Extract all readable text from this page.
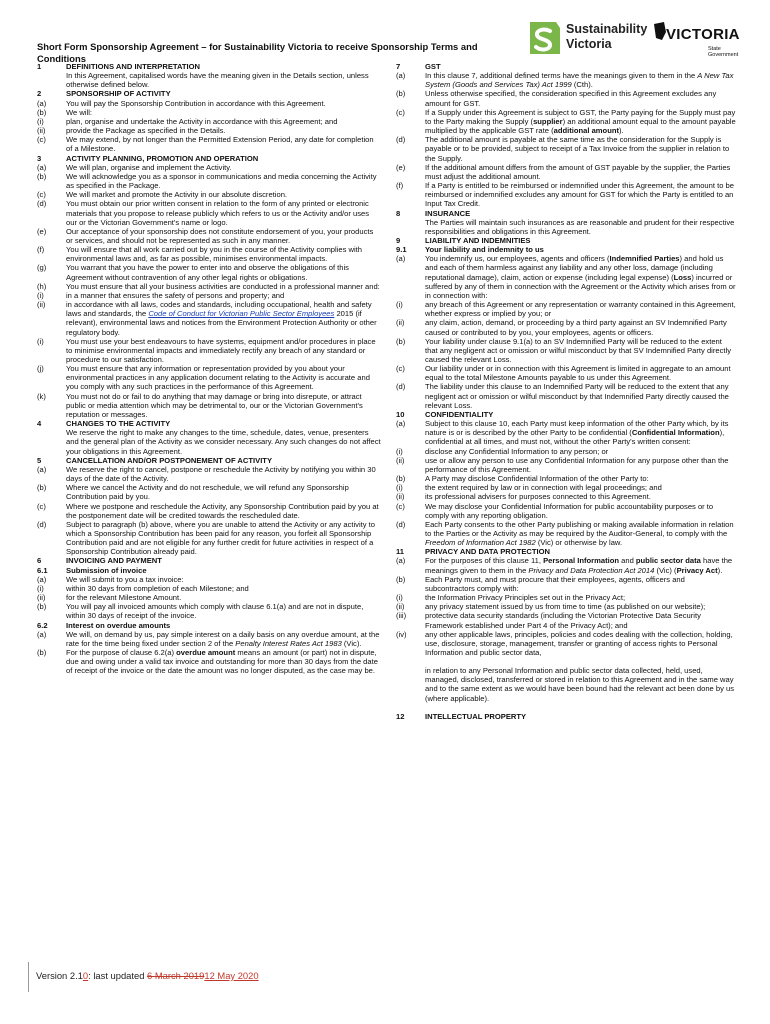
Sustainability
Victoria
VICTORIA
State
Government
Short Form Sponsorship Agreement – for Sustainability Victoria to receive Sponsorship Terms and Conditions
1	DEFINITIONS AND INTERPRETATION
In this Agreement, capitalised words have the meaning given in the Details section, unless otherwise defined below.
2	SPONSORSHIP OF ACTIVITY
(a)	You will pay the Sponsorship Contribution in accordance with this Agreement.
(b)	We will:
(i)	plan, organise and undertake the Activity in accordance with this Agreement; and
(ii)	provide the Package as specified in the Details.
(c)	We may extend, by not longer than the Permitted Extension Period, any date for completion of a Milestone.
3	ACTIVITY PLANNING, PROMOTION AND OPERATION
(a)	We will plan, organise and implement the Activity.
(b)	We will acknowledge you as a sponsor in communications and media concerning the Activity as specified in the Package.
(c)	We will market and promote the Activity in our absolute discretion.
(d)	You must obtain our prior written consent in relation to the form of any printed or electronic materials that you propose to release publicly which refers to us or the Activity and/or uses our or the Victorian Government's name or logo.
(e)	Our acceptance of your sponsorship does not constitute endorsement of you, your products or services, and should not be represented as such in any manner.
(f)	You will ensure that all work carried out by you in the course of the Activity complies with environmental laws and, as far as possible, minimises environmental impacts.
(g)	You warrant that you have the power to enter into and observe the obligations of this Agreement without contravention of any other legal rights or obligations.
(h)	You must ensure that all your business activities are conducted in a professional manner and:
(i)	in a manner that ensures the safety of persons and property; and
(ii)	in accordance with all laws, codes and standards, including occupational, health and safety laws and standards, the Code of Conduct for Victorian Public Sector Employees 2015 (if relevant), environmental laws and notices from the Environment Protection Authority or other regulatory body.
(i)	You must use your best endeavours to have systems, equipment and/or procedures in place to minimise environmental impacts and immediately rectify any breach of any standard or procedure to our satisfaction.
(j)	You must ensure that any information or representation provided by you about your environmental practices in any application document relating to the Activity is accurate and you comply with any such practices in the performance of this Agreement.
(k)	You must not do or fail to do anything that may damage or bring into disrepute, or attract public or media attention which may be detrimental to, our or the Victorian Government's reputation or messages.
4	CHANGES TO THE ACTIVITY
We reserve the right to make any changes to the time, schedule, dates, venue, presenters and the general plan of the Activity as we consider necessary. Any such changes do not affect your obligations in this Agreement.
5	CANCELLATION AND/OR POSTPONEMENT OF ACTIVITY
(a)	We reserve the right to cancel, postpone or reschedule the Activity by notifying you within 30 days of the date of the Activity.
(b)	Where we cancel the Activity and do not reschedule, we will refund any Sponsorship Contribution paid by you.
(c)	Where we postpone and reschedule the Activity, any Sponsorship Contribution paid by you at the postponement date will be credited towards the rescheduled date.
(d)	Subject to paragraph (b) above, where you are unable to attend the Activity or any activity to which a Sponsorship Contribution has been paid for any reason, you forfeit all Sponsorship Contribution paid and are not eligible for any further credit for future activities in respect of a Sponsorship Contribution already paid.
6	INVOICING AND PAYMENT
6.1	Submission of invoice
(a)	We will submit to you a tax invoice:
(i)	within 30 days from completion of each Milestone; and
(ii)	for the relevant Milestone Amount.
(b)	You will pay all invoiced amounts which comply with clause 6.1(a) and are not in dispute, within 30 days of receipt of the invoice.
6.2	Interest on overdue amounts
(a)	We will, on demand by us, pay simple interest on a daily basis on any overdue amount, at the rate for the time being fixed under section 2 of the Penalty Interest Rates Act 1983 (Vic).
(b)	For the purpose of clause 6.2(a) overdue amount means an amount (or part) not in dispute, due and owing under a valid tax invoice and outstanding for more than 30 days from the date of receipt of the invoice or the date the amount was no longer disputed, as the case may be.
7	GST
(a)	In this clause 7, additional defined terms have the meanings given to them in the A New Tax System (Goods and Services Tax) Act 1999 (Cth).
(b)	Unless otherwise specified, the consideration specified in this Agreement excludes any amount for GST.
(c)	If a Supply under this Agreement is subject to GST, the Party paying for the Supply must pay to the Party making the Supply (supplier) an additional amount equal to the amount payable multiplied by the applicable GST rate (additional amount).
(d)	The additional amount is payable at the same time as the consideration for the Supply is payable or to be provided, subject to receipt of a Tax Invoice from the supplier in relation to the Supply.
(e)	If the additional amount differs from the amount of GST payable by the supplier, the Parties must adjust the additional amount.
(f)	If a Party is entitled to be reimbursed or indemnified under this Agreement, the amount to be reimbursed or indemnified excludes any amount for GST for which the Party is entitled to an Input Tax Credit.
8	INSURANCE
The Parties will maintain such insurances as are reasonable and prudent for their respective responsibilities and obligations in this Agreement.
9	LIABILITY AND INDEMNITIES
9.1	Your liability and indemnity to us
(a)	You indemnify us, our employees, agents and officers (Indemnified Parties) and hold us and each of them harmless against any liability and any other loss, damage (including reputational damage), claim, action or expense (including legal expense) (Loss) incurred or suffered by any of them in connection with the Agreement or the Activity which arises from or in connection with:
(i)	any breach of this Agreement or any representation or warranty contained in this Agreement, whether express or implied by you; or
(ii)	any claim, action, demand, or proceeding by a third party against an SV Indemnified Party caused or contributed to by you, your employees, agents or officers.
(b)	Your liability under clause 9.1(a) to an SV Indemnified Party will be reduced to the extent that any negligent act or omission or wilful misconduct by that SV Indemnified Party directly caused the relevant Loss.
(c)	Our liability under or in connection with this Agreement is limited in aggregate to an amount equal to the total Milestone Amounts payable to us under this Agreement.
(d)	The liability under this clause to an Indemnified Party will be reduced to the extent that any negligent act or omission or wilful misconduct by that Indemnified Party directly caused the relevant Loss.
10	CONFIDENTIALITY
(a)	Subject to this clause 10, each Party must keep information of the other Party which, by its nature is or is described by the other Party to be confidential (Confidential Information), confidential at all times, and must not, without the other Party's written consent:
(i)	disclose any Confidential Information to any person; or
(ii)	use or allow any person to use any Confidential Information for any purpose other than the performance of this Agreement.
(b)	A Party may disclose Confidential Information of the other Party to:
(i)	the extent required by law or in connection with legal proceedings; and
(ii)	its professional advisers for purposes connected to this Agreement.
(c)	We may disclose your Confidential Information for public accountability purposes or to comply with any reporting obligation.
(d)	Each Party consents to the other Party publishing or making available information in relation to the Parties or the Activity as may be required by the Auditor-General, to comply with the Freedom of Information Act 1982 (Vic) or otherwise by law.
11	PRIVACY AND DATA PROTECTION
(a)	For the purposes of this clause 11, Personal Information and public sector data have the meanings given to them in the Privacy and Data Protection Act 2014 (Vic) (Privacy Act).
(b)	Each Party must, and must procure that their employees, agents, officers and subcontractors comply with:
(i)	the Information Privacy Principles set out in the Privacy Act;
(ii)	any privacy statement issued by us from time to time (as published on our website);
(iii)	protective data security standards (including the Victorian Protective Data Security Framework established under Part 4 of the Privacy Act); and
(iv)	any other applicable laws, principles, policies and codes dealing with the collection, holding, use, disclosure, storage, management, transfer or granting of access rights to Personal Information and public sector data,
in relation to any Personal Information and public sector data collected, held, used, managed, disclosed, transferred or stored in relation to this Agreement and in the same way and to the same extent as we would have been bound had the relevant act been done by us (where applicable).
12	INTELLECTUAL PROPERTY
Version 2.10: last updated 6 March 201912 May 2020
